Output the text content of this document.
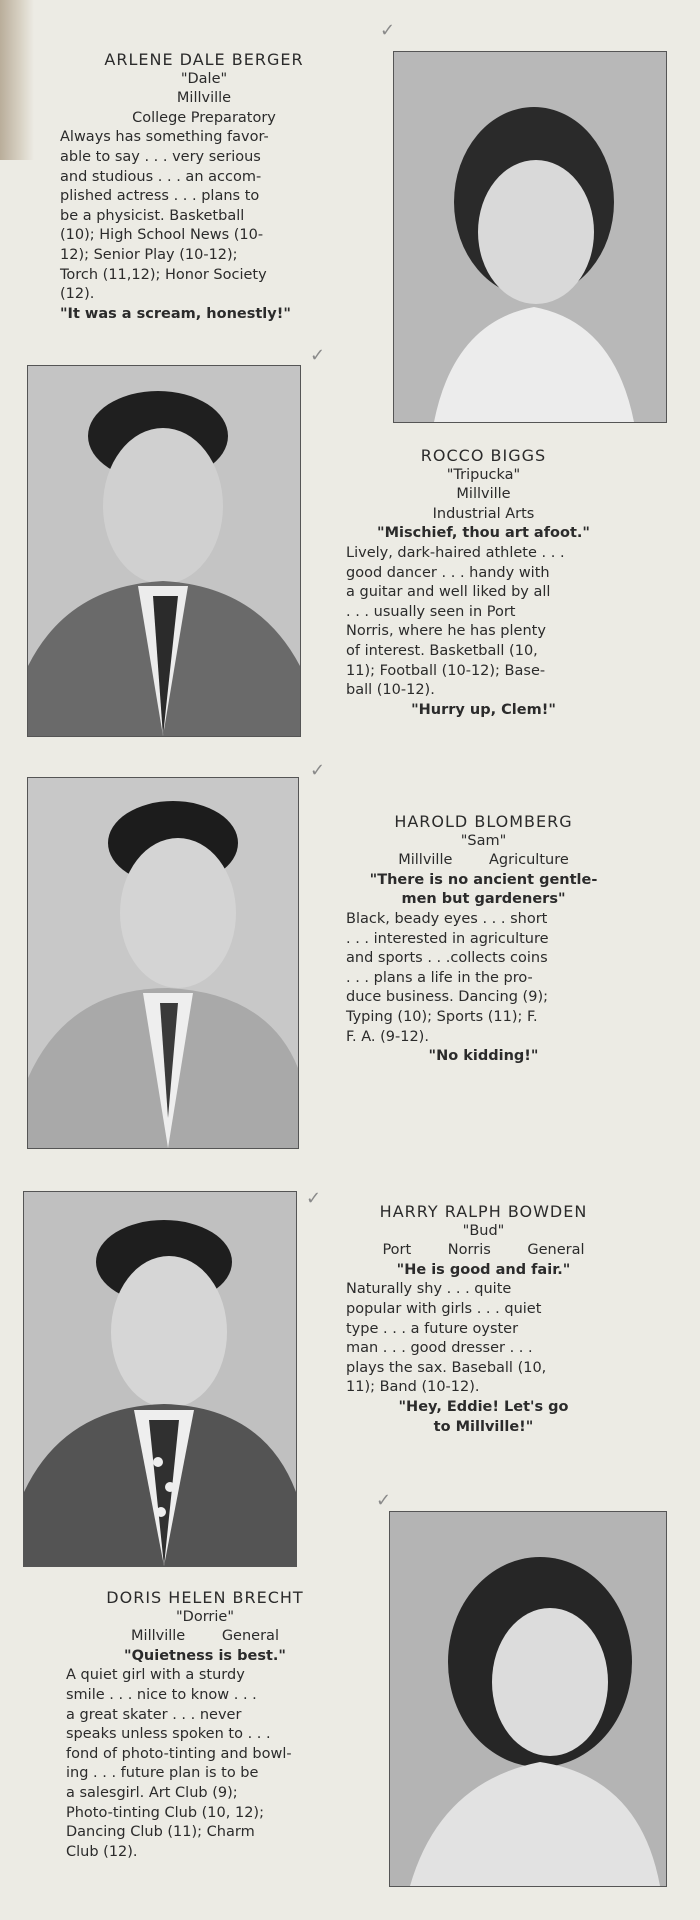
ARLENE DALE BERGER
"Dale"
Millville
College Preparatory
Always has something favor-
able to say . . . very serious
and studious . . . an accom-
plished actress . . . plans to
be a physicist. Basketball
(10); High School News (10-
12); Senior Play (10-12);
Torch (11,12); Honor Society
(12).
"It was a scream, honestly!"
✓
✓
ROCCO BIGGS
"Tripucka"
Millville
Industrial Arts
"Mischief, thou art afoot."
Lively, dark-haired athlete . . .
good dancer . . . handy with
a guitar and well liked by all
. . . usually seen in Port
Norris, where he has plenty
of interest. Basketball (10,
11); Football (10-12); Base-
ball (10-12).
"Hurry up, Clem!"
✓
HAROLD BLOMBERG
"Sam"
Millville Agriculture
"There is no ancient gentle-
men but gardeners"
Black, beady eyes . . . short
. . . interested in agriculture
and sports . . .collects coins
. . . plans a life in the pro-
duce business. Dancing (9);
Typing (10); Sports (11); F.
F. A. (9-12).
"No kidding!"
✓
HARRY RALPH BOWDEN
"Bud"
Port Norris General
"He is good and fair."
Naturally shy . . . quite
popular with girls . . . quiet
type . . . a future oyster
man . . . good dresser . . .
plays the sax. Baseball (10,
11); Band (10-12).
"Hey, Eddie! Let's go
to Millville!"
DORIS HELEN BRECHT
"Dorrie"
Millville General
"Quietness is best."
A quiet girl with a sturdy
smile . . . nice to know . . .
a great skater . . . never
speaks unless spoken to . . .
fond of photo-tinting and bowl-
ing . . . future plan is to be
a salesgirl. Art Club (9);
Photo-tinting Club (10, 12);
Dancing Club (11); Charm
Club (12).
✓
